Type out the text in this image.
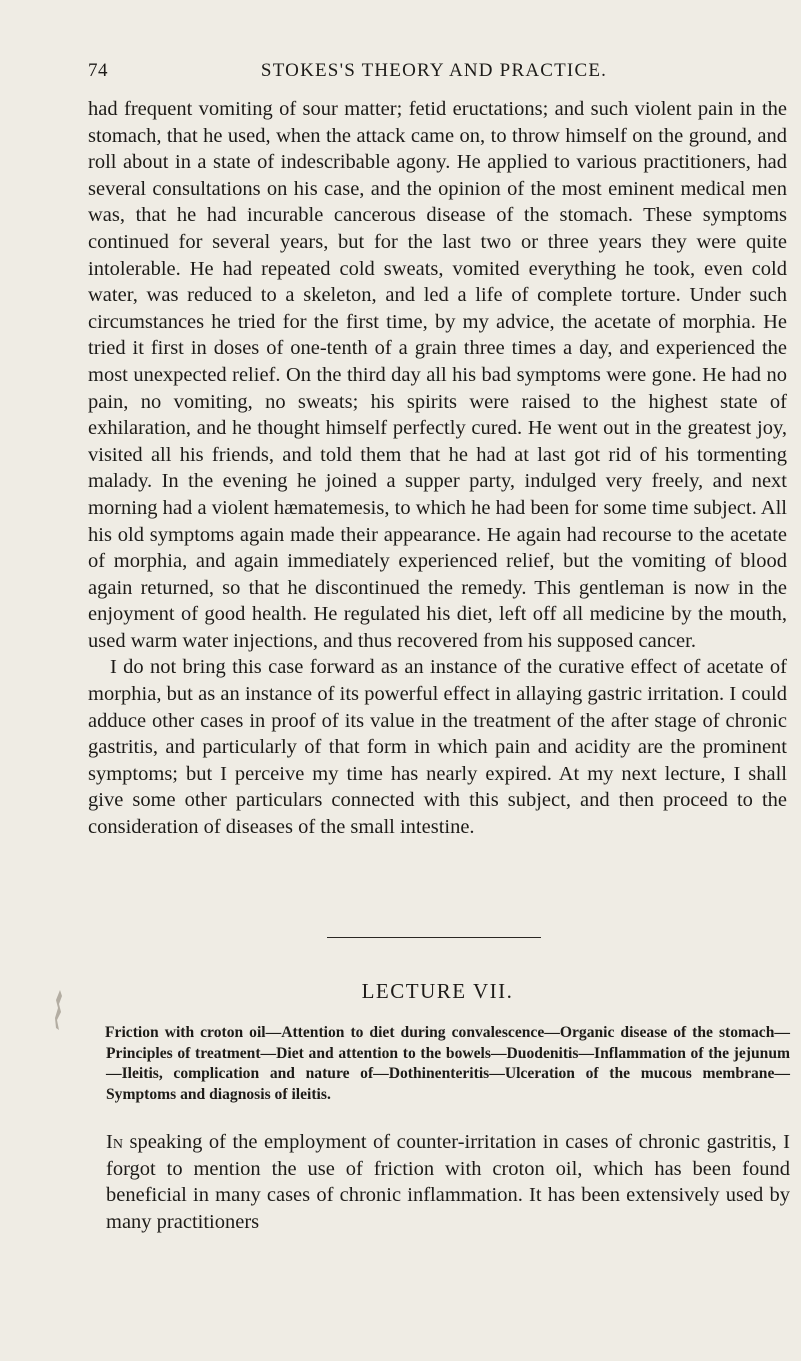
74	STOKES'S THEORY AND PRACTICE.

had frequent vomiting of sour matter; fetid eructations; and such violent pain in the stomach, that he used, when the attack came on, to throw himself on the ground, and roll about in a state of indescribable agony. He applied to various practitioners, had several consultations on his case, and the opinion of the most eminent medical men was, that he had incurable cancerous disease of the stomach. These symptoms continued for several years, but for the last two or three years they were quite intolerable. He had repeated cold sweats, vomited everything he took, even cold water, was reduced to a skeleton, and led a life of complete torture. Under such circumstances he tried for the first time, by my advice, the acetate of morphia. He tried it first in doses of one-tenth of a grain three times a day, and experienced the most unexpected relief. On the third day all his bad symptoms were gone. He had no pain, no vomiting, no sweats; his spirits were raised to the highest state of exhilaration, and he thought himself perfectly cured. He went out in the greatest joy, visited all his friends, and told them that he had at last got rid of his tormenting malady. In the evening he joined a supper party, indulged very freely, and next morning had a violent hæmatemesis, to which he had been for some time subject. All his old symptoms again made their appearance. He again had recourse to the acetate of morphia, and again immediately experienced relief, but the vomiting of blood again returned, so that he discontinued the remedy. This gentleman is now in the enjoyment of good health. He regulated his diet, left off all medicine by the mouth, used warm water injections, and thus recovered from his supposed cancer.

I do not bring this case forward as an instance of the curative effect of acetate of morphia, but as an instance of its powerful effect in allaying gastric irritation. I could adduce other cases in proof of its value in the treatment of the after stage of chronic gastritis, and particularly of that form in which pain and acidity are the prominent symptoms; but I perceive my time has nearly expired. At my next lecture, I shall give some other particulars connected with this subject, and then proceed to the consideration of diseases of the small intestine.

LECTURE VII.

Friction with croton oil—Attention to diet during convalescence—Organic disease of the stomach—Principles of treatment—Diet and attention to the bowels—Duodenitis—Inflammation of the jejunum—Ileitis, complication and nature of—Dothinenteritis—Ulceration of the mucous membrane—Symptoms and diagnosis of ileitis.

In speaking of the employment of counter-irritation in cases of chronic gastritis, I forgot to mention the use of friction with croton oil, which has been found beneficial in many cases of chronic inflammation. It has been extensively used by many practitioners
